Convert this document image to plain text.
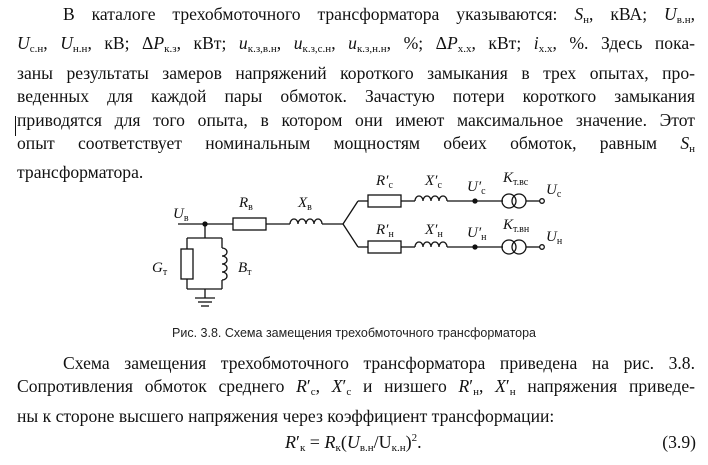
В каталоге трехобмоточного трансформатора указываются: $S_н$, кВА; $U_{в.н}$,
$U_{с.н}$, $U_{н.н}$, кВ; $\Delta P_{к.з}$, кВт; $u_{к.з,в.н}$, $u_{к.з,с.н}$, $u_{к.з,н.н}$, %; $\Delta P_{х.х}$, кВт; $i_{х.х}$, %. Здесь пока-
заны результаты замеров напряжений короткого замыкания в трех опытах, про-
веденных для каждой пары обмоток. Зачастую потери короткого замыкания
приводятся для того опыта, в котором они имеют максимальное значение. Этот
опыт соответствует номинальным мощностям обеих обмоток, равным $S_н$
трансформатора.
$U_в$
$R_в$	$X_в$
$G_т$	$B_т$
$R'_с$ $X'_с$ $U'_с$
$K_{т.вс}$ $U_с$
$R'_н$ $X'_н$ $U'_н$
$K_{т.вн}$ $U_н$
Рис. 3.8. Схема замещения трехобмоточного трансформатора
Схема замещения трехобмоточного трансформатора приведена на рис. 3.8.
Сопротивления обмоток среднего $R'_с$, $X'_с$ и низшего $R'_н$, $X'_н$ напряжения приведе-
ны к стороне высшего напряжения через коэффициент трансформации:
$R'_к = R_к(U_{в.н}/U_{к.н})^2$.	(3.9)
